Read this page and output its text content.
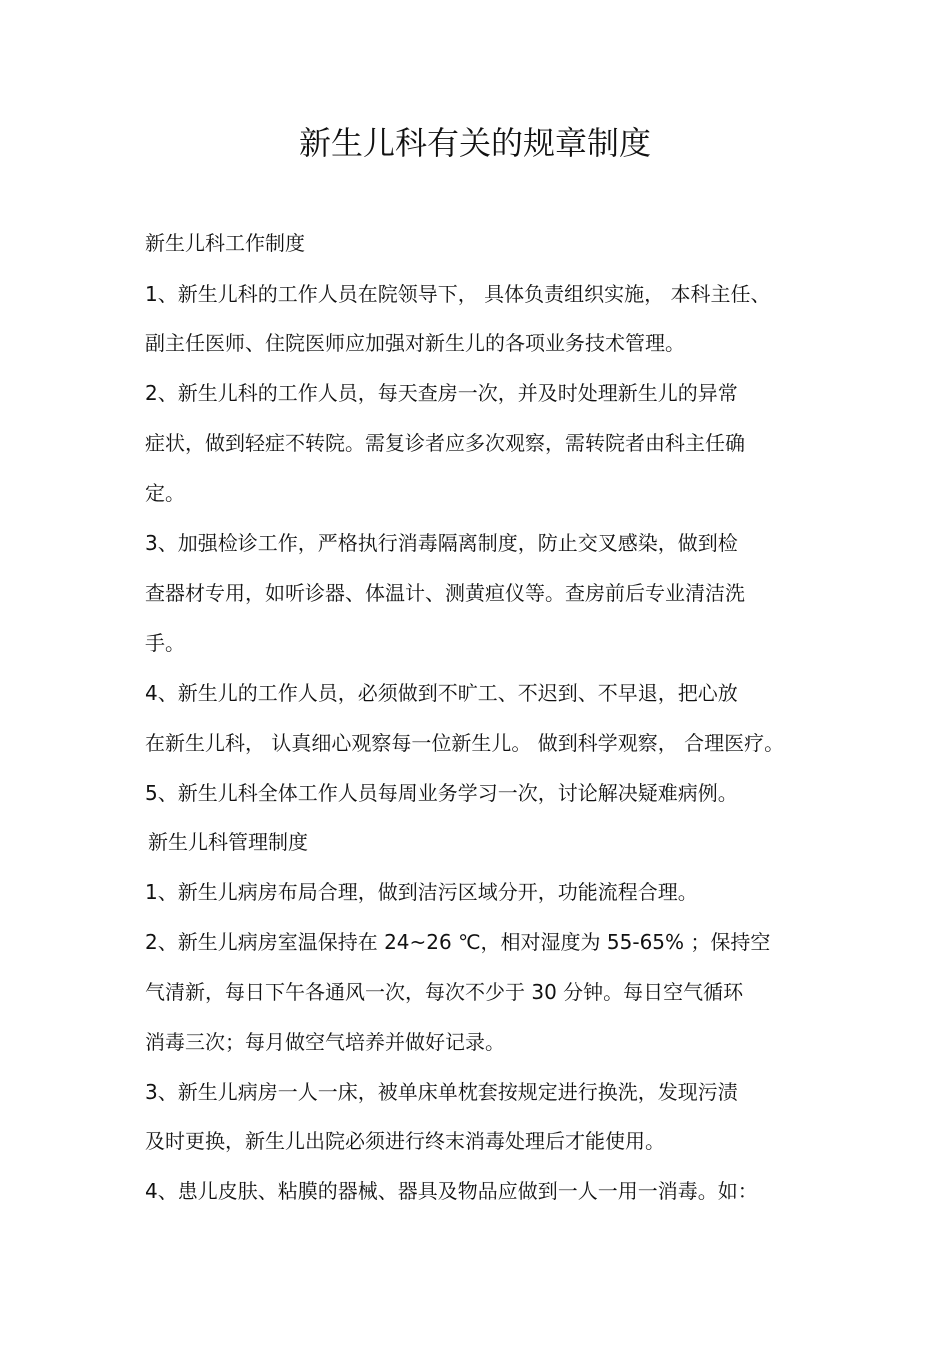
新生儿科有关的规章制度
新生儿科工作制度
1、新生儿科的工作人员在院领导下， 具体负责组织实施， 本科主任、
副主任医师、住院医师应加强对新生儿的各项业务技术管理。
2、新生儿科的工作人员，每天查房一次，并及时处理新生儿的异常
症状，做到轻症不转院。需复诊者应多次观察，需转院者由科主任确
定。
3、加强检诊工作，严格执行消毒隔离制度，防止交叉感染，做到检
查器材专用，如听诊器、体温计、测黄疸仪等。查房前后专业清洁洗
手。
4、新生儿的工作人员，必须做到不旷工、不迟到、不早退，把心放
在新生儿科， 认真细心观察每一位新生儿。 做到科学观察， 合理医疗。
5、新生儿科全体工作人员每周业务学习一次，讨论解决疑难病例。
新生儿科管理制度
1、新生儿病房布局合理，做到洁污区域分开，功能流程合理。
2、新生儿病房室温保持在 24~26 ℃，相对湿度为 55-65% ；保持空
气清新，每日下午各通风一次，每次不少于 30 分钟。每日空气循环
消毒三次；每月做空气培养并做好记录。
3、新生儿病房一人一床，被单床单枕套按规定进行换洗，发现污渍
及时更换，新生儿出院必须进行终末消毒处理后才能使用。
4、患儿皮肤、粘膜的器械、器具及物品应做到一人一用一消毒。如：
